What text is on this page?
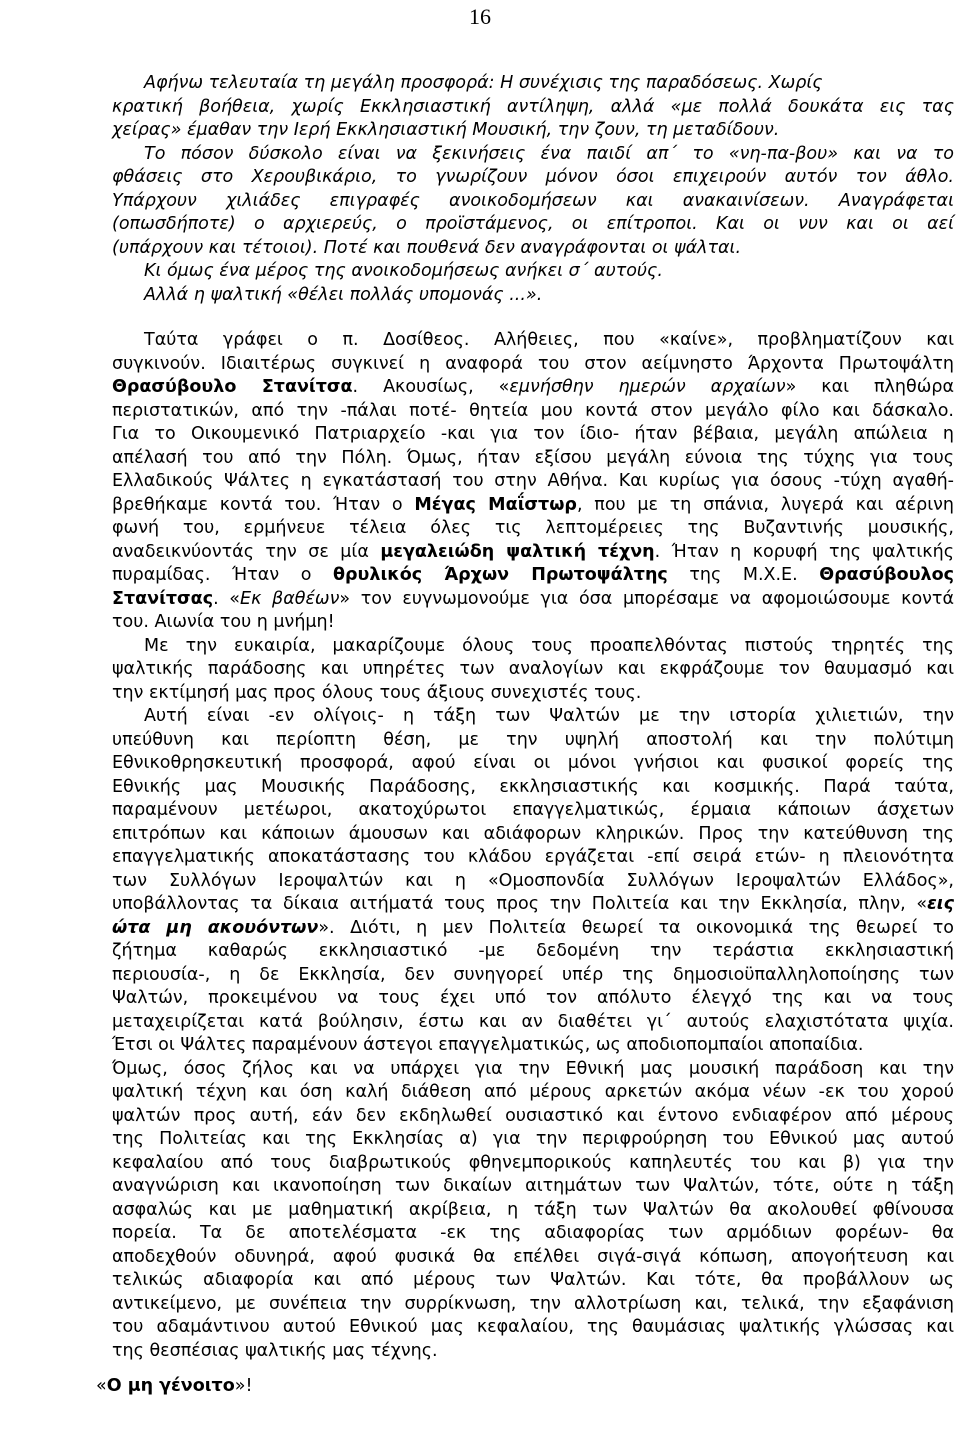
16
Αφήνω τελευταία τη μεγάλη προσφορά: Η συνέχισις της παραδόσεως. Χωρίς
κρατική βοήθεια, χωρίς Εκκλησιαστική αντίληψη, αλλά «με πολλά δουκάτα εις τας
χείρας» έμαθαν την Ιερή Εκκλησιαστική Μουσική, την ζουν, τη μεταδίδουν.
Το πόσον δύσκολο είναι να ξεκινήσεις ένα παιδί απ΄ το «νη-πα-βου» και να το
φθάσεις στο Χερουβικάριο, το γνωρίζουν μόνον όσοι επιχειρούν αυτόν τον άθλο.
Υπάρχουν χιλιάδες επιγραφές ανοικοδομήσεων και ανακαινίσεων. Αναγράφεται
(οπωσδήποτε) ο αρχιερεύς, ο προϊστάμενος, οι επίτροποι. Και οι νυν και οι αεί
(υπάρχουν και τέτοιοι). Ποτέ και πουθενά δεν αναγράφονται οι ψάλται.
Κι όμως ένα μέρος της ανοικοδομήσεως ανήκει σ΄ αυτούς.
Αλλά η ψαλτική «θέλει πολλάς υπομονάς ...».
Ταύτα γράφει ο π. Δοσίθεος. Αλήθειες, που «καίνε», προβληματίζουν και
συγκινούν. Ιδιαιτέρως συγκινεί η αναφορά του στον αείμνηστο Άρχοντα Πρωτοψάλτη
Θρασύβουλο Στανίτσα. Ακουσίως, «εμνήσθην ημερών αρχαίων» και πληθώρα
περιστατικών, από την -πάλαι ποτέ- θητεία μου κοντά στον μεγάλο φίλο και δάσκαλο.
Για το Οικουμενικό Πατριαρχείο -και για τον ίδιο- ήταν βέβαια, μεγάλη απώλεια η
απέλασή του από την Πόλη. Όμως, ήταν εξίσου μεγάλη εύνοια της τύχης για τους
Ελλαδικούς Ψάλτες η εγκατάστασή του στην Αθήνα. Και κυρίως για όσους -τύχη αγαθή-
βρεθήκαμε κοντά του. Ήταν ο Μέγας Μαΐστωρ, που με τη σπάνια, λυγερά και αέρινη
φωνή του, ερμήνευε τέλεια όλες τις λεπτομέρειες της Βυζαντινής μουσικής,
αναδεικνύοντάς την σε μία μεγαλειώδη ψαλτική τέχνη. Ήταν η κορυφή της ψαλτικής
πυραμίδας. Ήταν ο θρυλικός Άρχων Πρωτοψάλτης της Μ.Χ.Ε. Θρασύβουλος
Στανίτσας. «Εκ βαθέων» τον ευγνωμονούμε για όσα μπορέσαμε να αφομοιώσουμε κοντά
του. Αιωνία του η μνήμη!
Με την ευκαιρία, μακαρίζουμε όλους τους προαπελθόντας πιστούς τηρητές της
ψαλτικής παράδοσης και υπηρέτες των αναλογίων και εκφράζουμε τον θαυμασμό και
την εκτίμησή μας προς όλους τους άξιους συνεχιστές τους.
Αυτή είναι -εν ολίγοις- η τάξη των Ψαλτών με την ιστορία χιλιετιών, την
υπεύθυνη και περίοπτη θέση, με την υψηλή αποστολή και την πολύτιμη
Εθνικοθρησκευτική προσφορά, αφού είναι οι μόνοι γνήσιοι και φυσικοί φορείς της
Εθνικής μας Μουσικής Παράδοσης, εκκλησιαστικής και κοσμικής. Παρά ταύτα,
παραμένουν μετέωροι, ακατοχύρωτοι επαγγελματικώς, έρμαια κάποιων άσχετων
επιτρόπων και κάποιων άμουσων και αδιάφορων κληρικών. Προς την κατεύθυνση της
επαγγελματικής αποκατάστασης του κλάδου εργάζεται -επί σειρά ετών- η πλειονότητα
των Συλλόγων Ιεροψαλτών και η «Ομοσπονδία Συλλόγων Ιεροψαλτών Ελλάδος»,
υποβάλλοντας τα δίκαια αιτήματά τους προς την Πολιτεία και την Εκκλησία, πλην, «εις
ώτα μη ακουόντων». Διότι, η μεν Πολιτεία θεωρεί τα οικονομικά της θεωρεί το
ζήτημα καθαρώς εκκλησιαστικό -με δεδομένη την τεράστια εκκλησιαστική
περιουσία-, η δε Εκκλησία, δεν συνηγορεί υπέρ της δημοσιοϋπαλληλοποίησης των
Ψαλτών, προκειμένου να τους έχει υπό τον απόλυτο έλεγχό της και να τους
μεταχειρίζεται κατά βούλησιν, έστω και αν διαθέτει γι΄ αυτούς ελαχιστότατα ψιχία.
Έτσι οι Ψάλτες παραμένουν άστεγοι επαγγελματικώς, ως αποδιοπομπαίοι αποπαίδια.
Όμως, όσος ζήλος και να υπάρχει για την Εθνική μας μουσική παράδοση και την
ψαλτική τέχνη και όση καλή διάθεση από μέρους αρκετών ακόμα νέων -εκ του χορού
ψαλτών προς αυτή, εάν δεν εκδηλωθεί ουσιαστικό και έντονο ενδιαφέρον από μέρους
της Πολιτείας και της Εκκλησίας α) για την περιφρούρηση του Εθνικού μας αυτού
κεφαλαίου από τους διαβρωτικούς φθηνεμπορικούς καπηλευτές του και β) για την
αναγνώριση και ικανοποίηση των δικαίων αιτημάτων των Ψαλτών, τότε, ούτε η τάξη
ασφαλώς και με μαθηματική ακρίβεια, η τάξη των Ψαλτών θα ακολουθεί φθίνουσα
πορεία. Τα δε αποτελέσματα -εκ της αδιαφορίας των αρμόδιων φορέων- θα
αποδεχθούν οδυνηρά, αφού φυσικά θα επέλθει σιγά-σιγά κόπωση, απογοήτευση και
τελικώς αδιαφορία και από μέρους των Ψαλτών. Και τότε, θα προβάλλουν ως
αντικείμενο, με συνέπεια την συρρίκνωση, την αλλοτρίωση και, τελικά, την εξαφάνιση
του αδαμάντινου αυτού Εθνικού μας κεφαλαίου, της θαυμάσιας ψαλτικής γλώσσας και
της θεσπέσιας ψαλτικής μας τέχνης.
«Ο μη γένοιτο»!
